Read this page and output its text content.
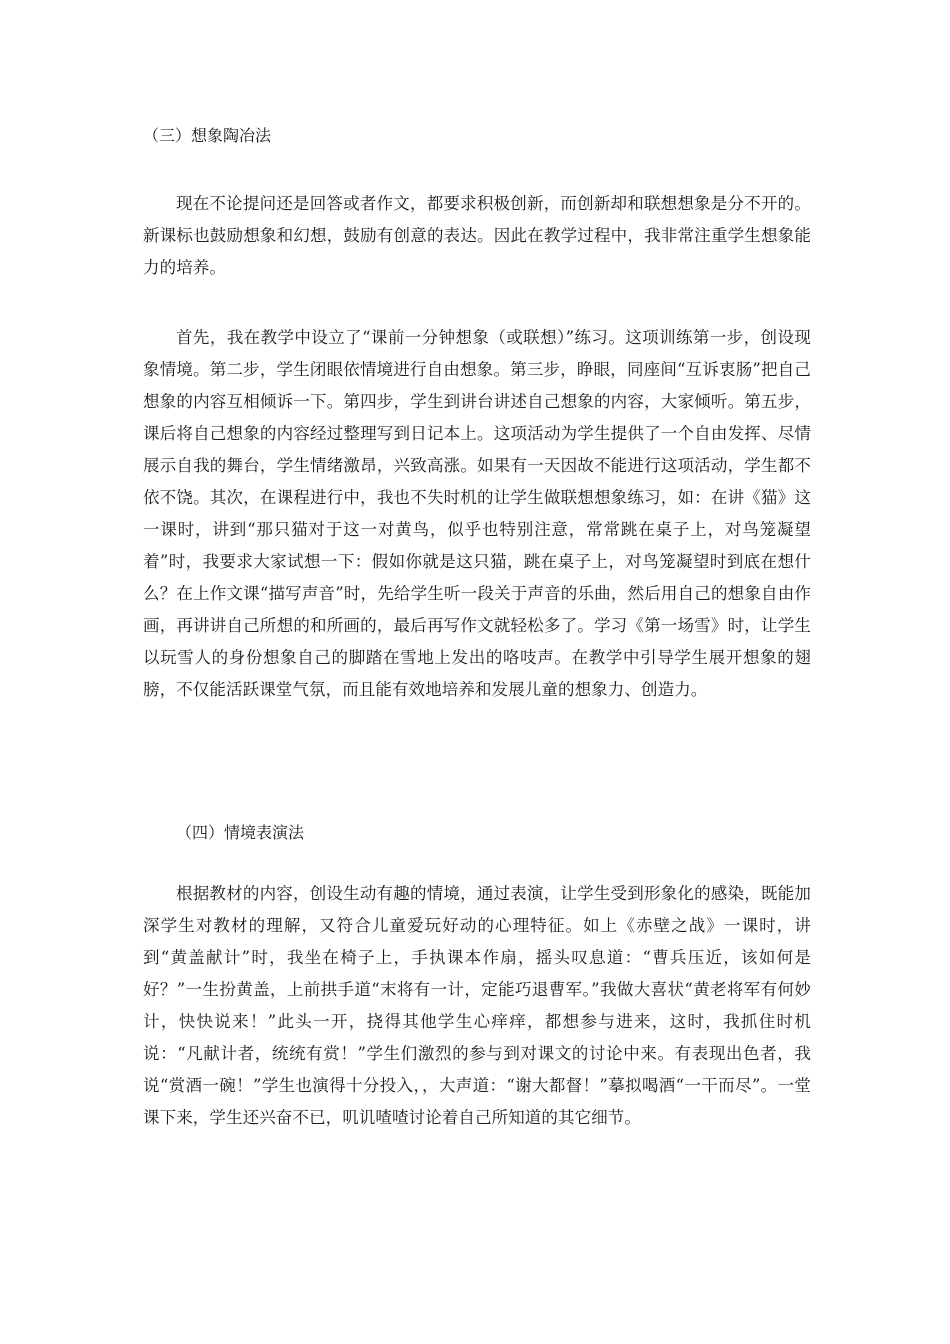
（三）想象陶冶法

现在不论提问还是回答或者作文，都要求积极创新，而创新却和联想想象是分不开的。新课标也鼓励想象和幻想，鼓励有创意的表达。因此在教学过程中，我非常注重学生想象能力的培养。

首先，我在教学中设立了“课前一分钟想象（或联想）”练习。这项训练第一步，创设现象情境。第二步，学生闭眼依情境进行自由想象。第三步，睁眼，同座间“互诉衷肠”把自己想象的内容互相倾诉一下。第四步，学生到讲台讲述自己想象的内容，大家倾听。第五步，课后将自己想象的内容经过整理写到日记本上。这项活动为学生提供了一个自由发挥、尽情展示自我的舞台，学生情绪激昂，兴致高涨。如果有一天因故不能进行这项活动，学生都不依不饶。其次，在课程进行中，我也不失时机的让学生做联想想象练习，如：在讲《猫》这一课时，讲到“那只猫对于这一对黄鸟，似乎也特别注意，常常跳在桌子上，对鸟笼凝望着”时，我要求大家试想一下：假如你就是这只猫，跳在桌子上，对鸟笼凝望时到底在想什么？在上作文课“描写声音”时，先给学生听一段关于声音的乐曲，然后用自己的想象自由作画，再讲讲自己所想的和所画的，最后再写作文就轻松多了。学习《第一场雪》时，让学生以玩雪人的身份想象自己的脚踏在雪地上发出的咯吱声。在教学中引导学生展开想象的翅膀，不仅能活跃课堂气氛，而且能有效地培养和发展儿童的想象力、创造力。

（四）情境表演法

根据教材的内容，创设生动有趣的情境，通过表演，让学生受到形象化的感染，既能加深学生对教材的理解，又符合儿童爱玩好动的心理特征。如上《赤壁之战》一课时，讲到“黄盖献计”时，我坐在椅子上，手执课本作扇，摇头叹息道：“曹兵压近，该如何是好？”一生扮黄盖，上前拱手道“末将有一计，定能巧退曹军。”我做大喜状“黄老将军有何妙计，快快说来！”此头一开，挠得其他学生心痒痒，都想参与进来，这时，我抓住时机说：“凡献计者，统统有赏！”学生们激烈的参与到对课文的讨论中来。有表现出色者，我说“赏酒一碗！”学生也演得十分投入，，大声道：“谢大都督！”摹拟喝酒“一干而尽”。一堂课下来，学生还兴奋不已，叽讥喳喳讨论着自己所知道的其它细节。
